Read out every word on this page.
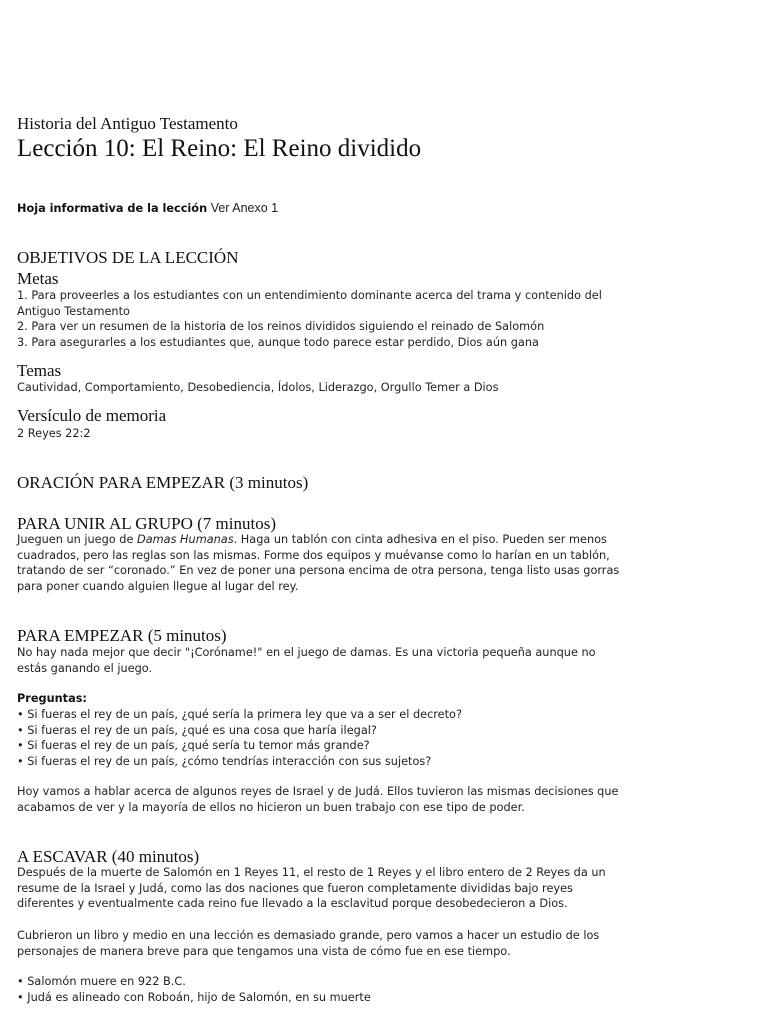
Historia del Antiguo Testamento
Lección 10: El Reino: El Reino dividido
Hoja informativa de la lección Ver Anexo 1
OBJETIVOS DE LA LECCIÓN
Metas
1. Para proveerles a los estudiantes con un entendimiento dominante acerca del trama y contenido del Antiguo Testamento
2. Para ver un resumen de la historia de los reinos divididos siguiendo el reinado de Salomón
3. Para asegurarles a los estudiantes que, aunque todo parece estar perdido, Dios aún gana
Temas
Cautividad, Comportamiento, Desobediencia, Ídolos, Liderazgo, Orgullo Temer a Dios
Versículo de memoria
2 Reyes 22:2
ORACIÓN PARA EMPEZAR (3 minutos)
PARA UNIR AL GRUPO (7 minutos)

Jueguen un juego de Damas Humanas. Haga un tablón con cinta adhesiva en el piso. Pueden ser menos cuadrados, pero las reglas son las mismas. Forme dos equipos y muévanse como lo harían en un tablón, tratando de ser “coronado.” En vez de poner una persona encima de otra persona, tenga listo usas gorras para poner cuando alguien llegue al lugar del rey.

PARA EMPEZAR (5 minutos)

No hay nada mejor que decir "¡Coróname!" en el juego de damas. Es una victoria pequeña aunque no estás ganando el juego.

Preguntas:
• Si fueras el rey de un país, ¿qué sería la primera ley que va a ser el decreto?
• Si fueras el rey de un país, ¿qué es una cosa que haría ilegal?
• Si fueras el rey de un país, ¿qué sería tu temor más grande?
• Si fueras el rey de un país, ¿cómo tendrías interacción con sus sujetos?

Hoy vamos a hablar acerca de algunos reyes de Israel y de Judá. Ellos tuvieron las mismas decisiones que acabamos de ver y la mayoría de ellos no hicieron un buen trabajo con ese tipo de poder.

A ESCAVAR (40 minutos)

Después de la muerte de Salomón en 1 Reyes 11, el resto de 1 Reyes y el libro entero de 2 Reyes da un resume de la Israel y Judá, como las dos naciones que fueron completamente divididas bajo reyes diferentes y eventualmente cada reino fue llevado a la esclavitud porque desobedecieron a Dios.

Cubrieron un libro y medio en una lección es demasiado grande, pero vamos a hacer un estudio de los personajes de manera breve para que tengamos una vista de cómo fue en ese tiempo.

• Salomón muere en 922 B.C.
• Judá es alineado con Roboán, hijo de Salomón, en su muerte
